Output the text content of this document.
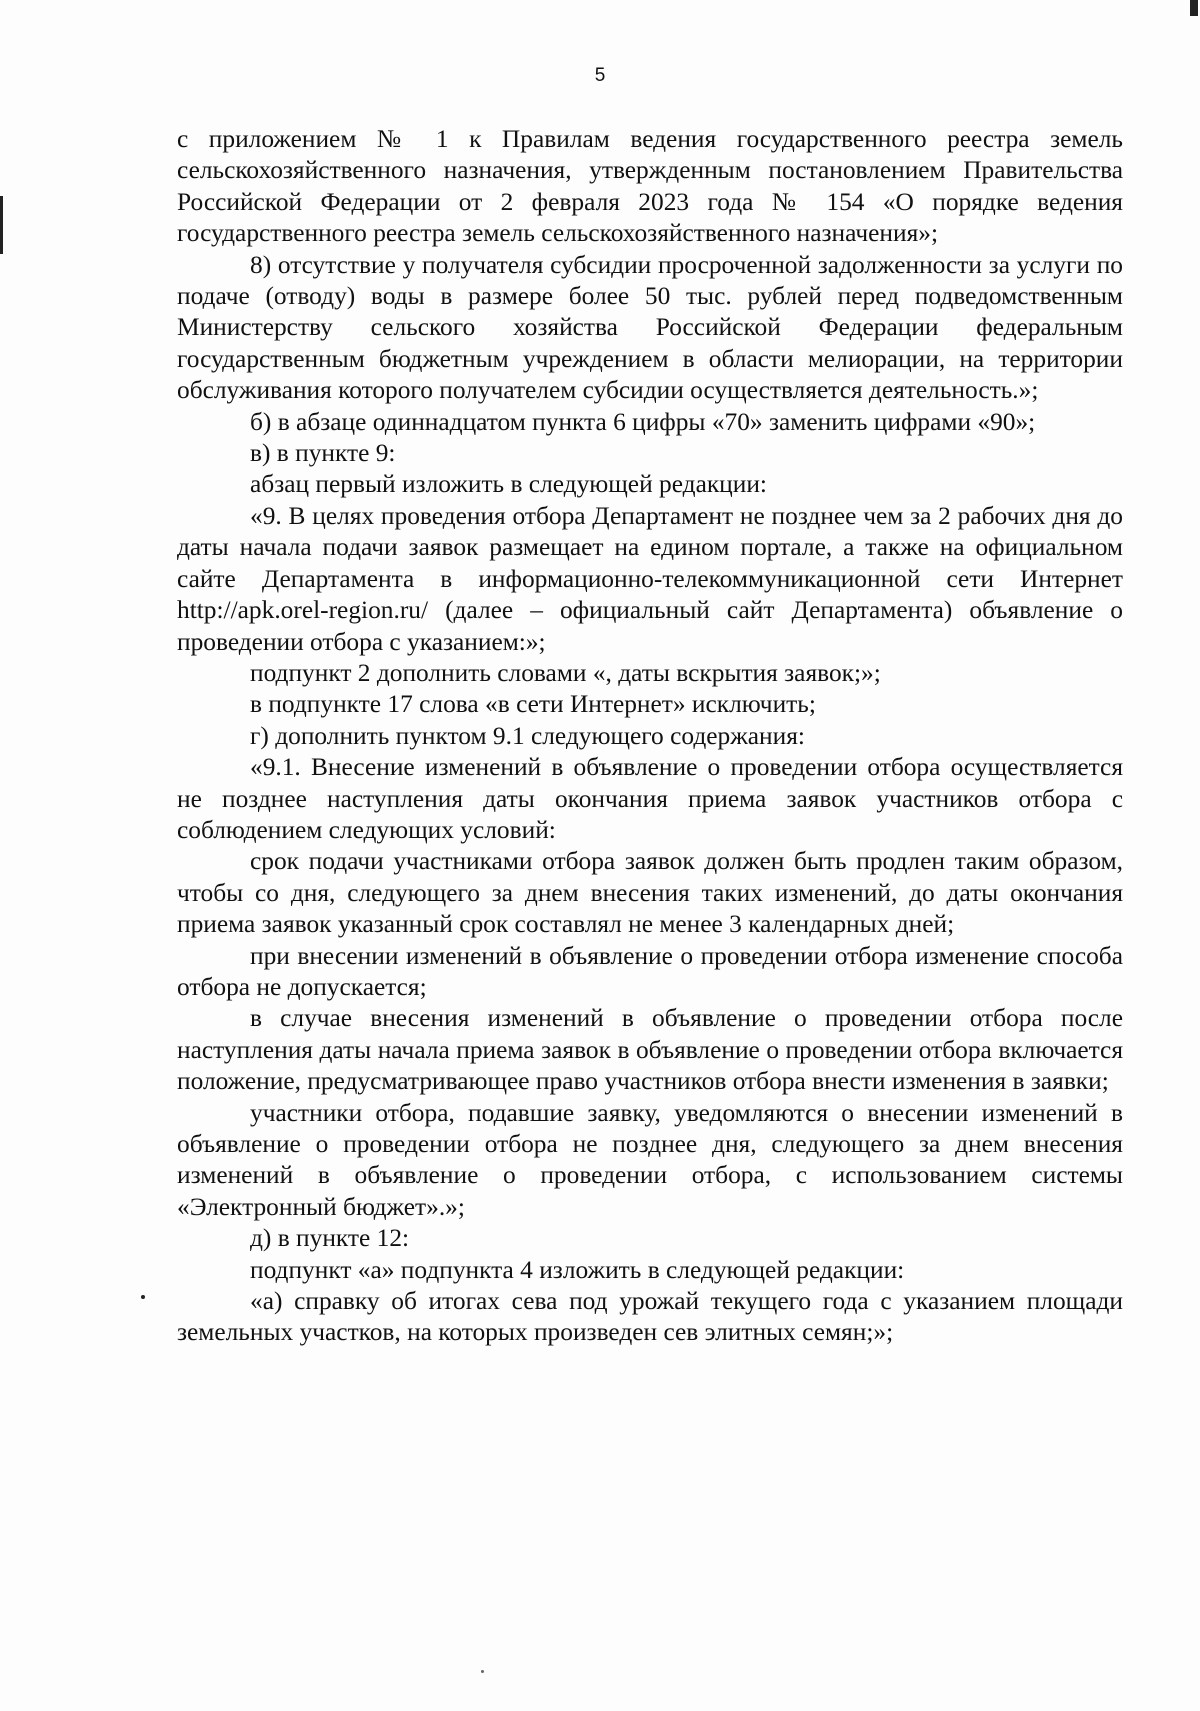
5

с приложением № 1 к Правилам ведения государственного реестра земель сельскохозяйственного назначения, утвержденным постановлением Правительства Российской Федерации от 2 февраля 2023 года № 154 «О порядке ведения государственного реестра земель сельскохозяйственного назначения»;

8) отсутствие у получателя субсидии просроченной задолженности за услуги по подаче (отводу) воды в размере более 50 тыс. рублей перед подведомственным Министерству сельского хозяйства Российской Федерации федеральным государственным бюджетным учреждением в области мелиорации, на территории обслуживания которого получателем субсидии осуществляется деятельность.»;

б) в абзаце одиннадцатом пункта 6 цифры «70» заменить цифрами «90»;

в) в пункте 9:

абзац первый изложить в следующей редакции:

«9. В целях проведения отбора Департамент не позднее чем за 2 рабочих дня до даты начала подачи заявок размещает на едином портале, а также на официальном сайте Департамента в информационно-телекоммуникационной сети Интернет http://apk.orel-region.ru/ (далее – официальный сайт Департамента) объявление о проведении отбора с указанием:»;

подпункт 2 дополнить словами «, даты вскрытия заявок;»;

в подпункте 17 слова «в сети Интернет» исключить;

г) дополнить пунктом 9.1 следующего содержания:

«9.1. Внесение изменений в объявление о проведении отбора осуществляется не позднее наступления даты окончания приема заявок участников отбора с соблюдением следующих условий:

срок подачи участниками отбора заявок должен быть продлен таким образом, чтобы со дня, следующего за днем внесения таких изменений, до даты окончания приема заявок указанный срок составлял не менее 3 календарных дней;

при внесении изменений в объявление о проведении отбора изменение способа отбора не допускается;

в случае внесения изменений в объявление о проведении отбора после наступления даты начала приема заявок в объявление о проведении отбора включается положение, предусматривающее право участников отбора внести изменения в заявки;

участники отбора, подавшие заявку, уведомляются о внесении изменений в объявление о проведении отбора не позднее дня, следующего за днем внесения изменений в объявление о проведении отбора, с использованием системы «Электронный бюджет».»;

д) в пункте 12:

подпункт «а» подпункта 4 изложить в следующей редакции:

«а) справку об итогах сева под урожай текущего года с указанием площади земельных участков, на которых произведен сев элитных семян;»;
